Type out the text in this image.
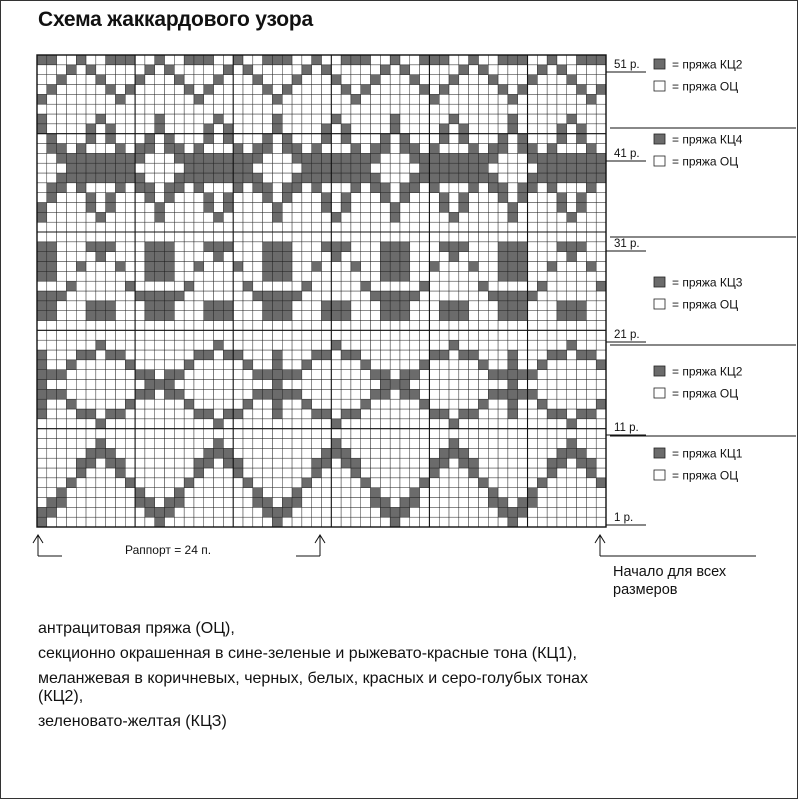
Схема жаккардового узора
1 р.
11 р.
21 р.
31 р.
41 р.
51 р.
= пряжа КЦ1
= пряжа ОЦ
= пряжа КЦ2
= пряжа ОЦ
= пряжа КЦ3
= пряжа ОЦ
= пряжа КЦ4
= пряжа ОЦ
= пряжа КЦ2
= пряжа ОЦ
Раппорт = 24 п.
Начало для всех
размеров
антрацитовая пряжа (ОЦ),
секционно окрашенная в сине-зеленые и рыжевато-красные тона (КЦ1),
меланжевая в коричневых, черных, белых, красных и серо-голубых тонах (КЦ2),
зеленовато-желтая (КЦЗ)
